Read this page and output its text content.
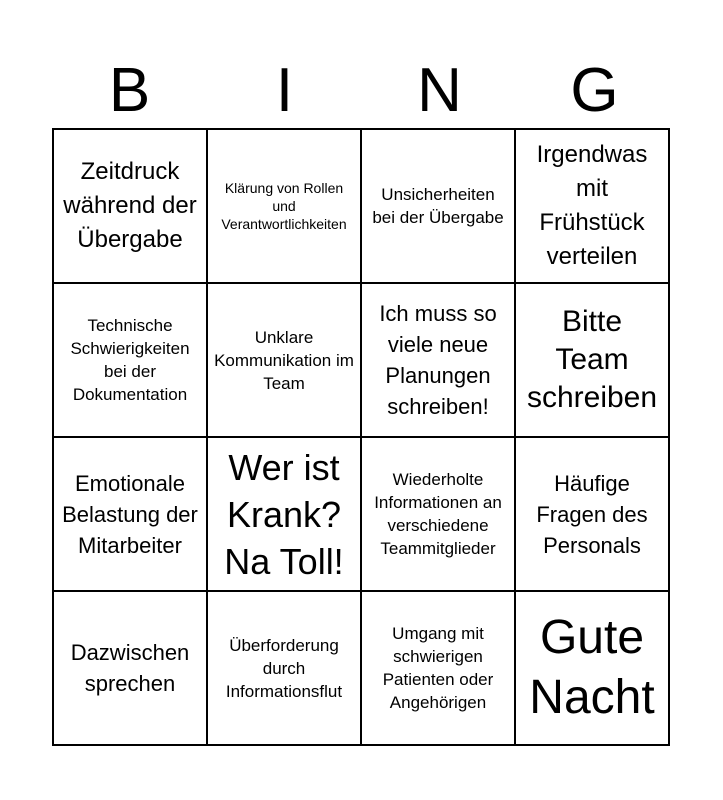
B	I	N	G
Zeitdruck während der Übergabe
Klärung von Rollen und Verantwortlichkeiten
Unsicherheiten bei der Übergabe
Irgendwas mit Frühstück verteilen
Technische Schwierigkeiten bei der Dokumentation
Unklare Kommunikation im Team
Ich muss so viele neue Planungen schreiben!
Bitte Team schreiben
Emotionale Belastung der Mitarbeiter
Wer ist Krank? Na Toll!
Wiederholte Informationen an verschiedene Teammitglieder
Häufige Fragen des Personals
Dazwischen sprechen
Überforderung durch Informationsflut
Umgang mit schwierigen Patienten oder Angehörigen
Gute Nacht
